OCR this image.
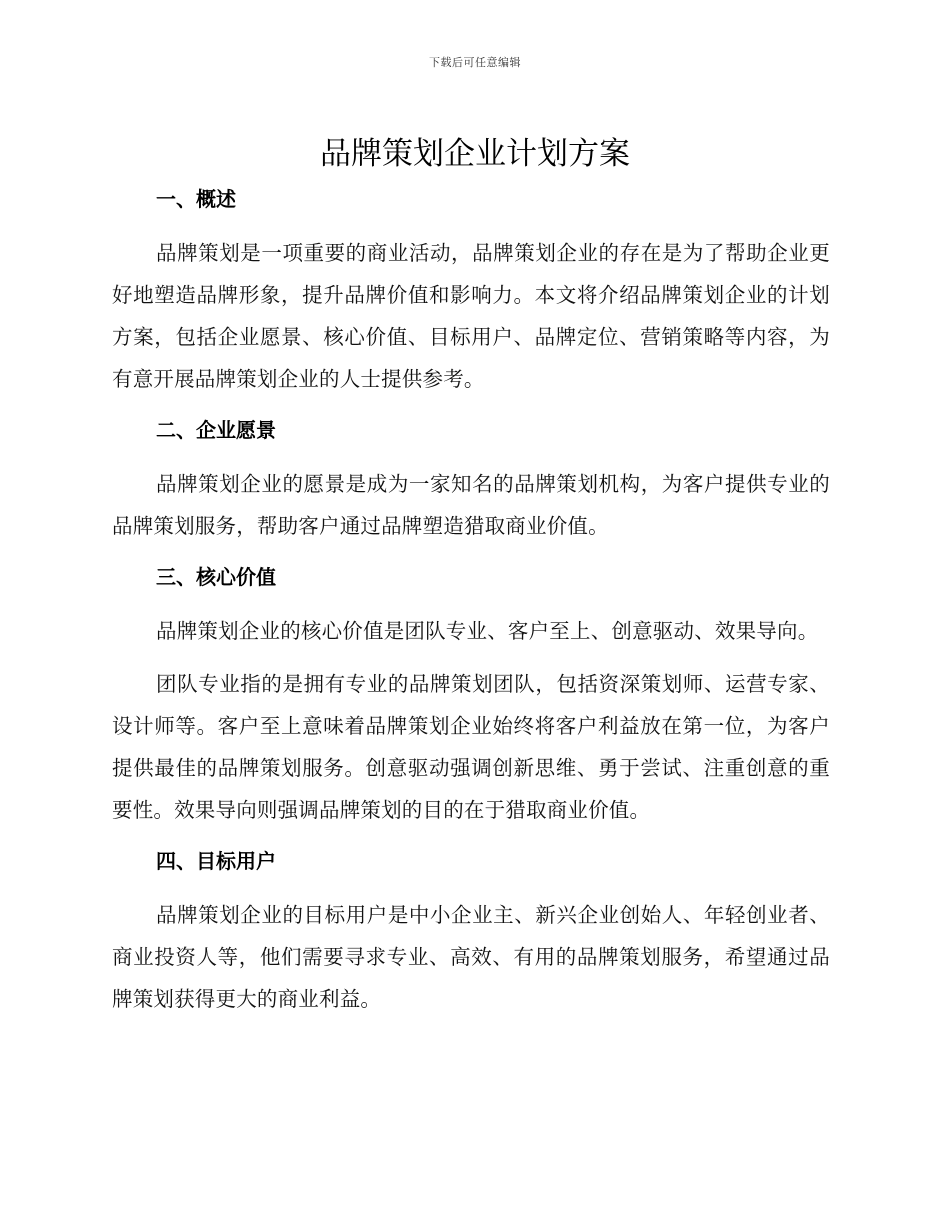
下载后可任意编辑
品牌策划企业计划方案
一、概述

品牌策划是一项重要的商业活动，品牌策划企业的存在是为了帮助企业更好地塑造品牌形象，提升品牌价值和影响力。本文将介绍品牌策划企业的计划方案，包括企业愿景、核心价值、目标用户、品牌定位、营销策略等内容，为有意开展品牌策划企业的人士提供参考。

二、企业愿景

品牌策划企业的愿景是成为一家知名的品牌策划机构，为客户提供专业的品牌策划服务，帮助客户通过品牌塑造猎取商业价值。

三、核心价值

品牌策划企业的核心价值是团队专业、客户至上、创意驱动、效果导向。

团队专业指的是拥有专业的品牌策划团队，包括资深策划师、运营专家、设计师等。客户至上意味着品牌策划企业始终将客户利益放在第一位，为客户提供最佳的品牌策划服务。创意驱动强调创新思维、勇于尝试、注重创意的重要性。效果导向则强调品牌策划的目的在于猎取商业价值。

四、目标用户

品牌策划企业的目标用户是中小企业主、新兴企业创始人、年轻创业者、商业投资人等，他们需要寻求专业、高效、有用的品牌策划服务，希望通过品牌策划获得更大的商业利益。
